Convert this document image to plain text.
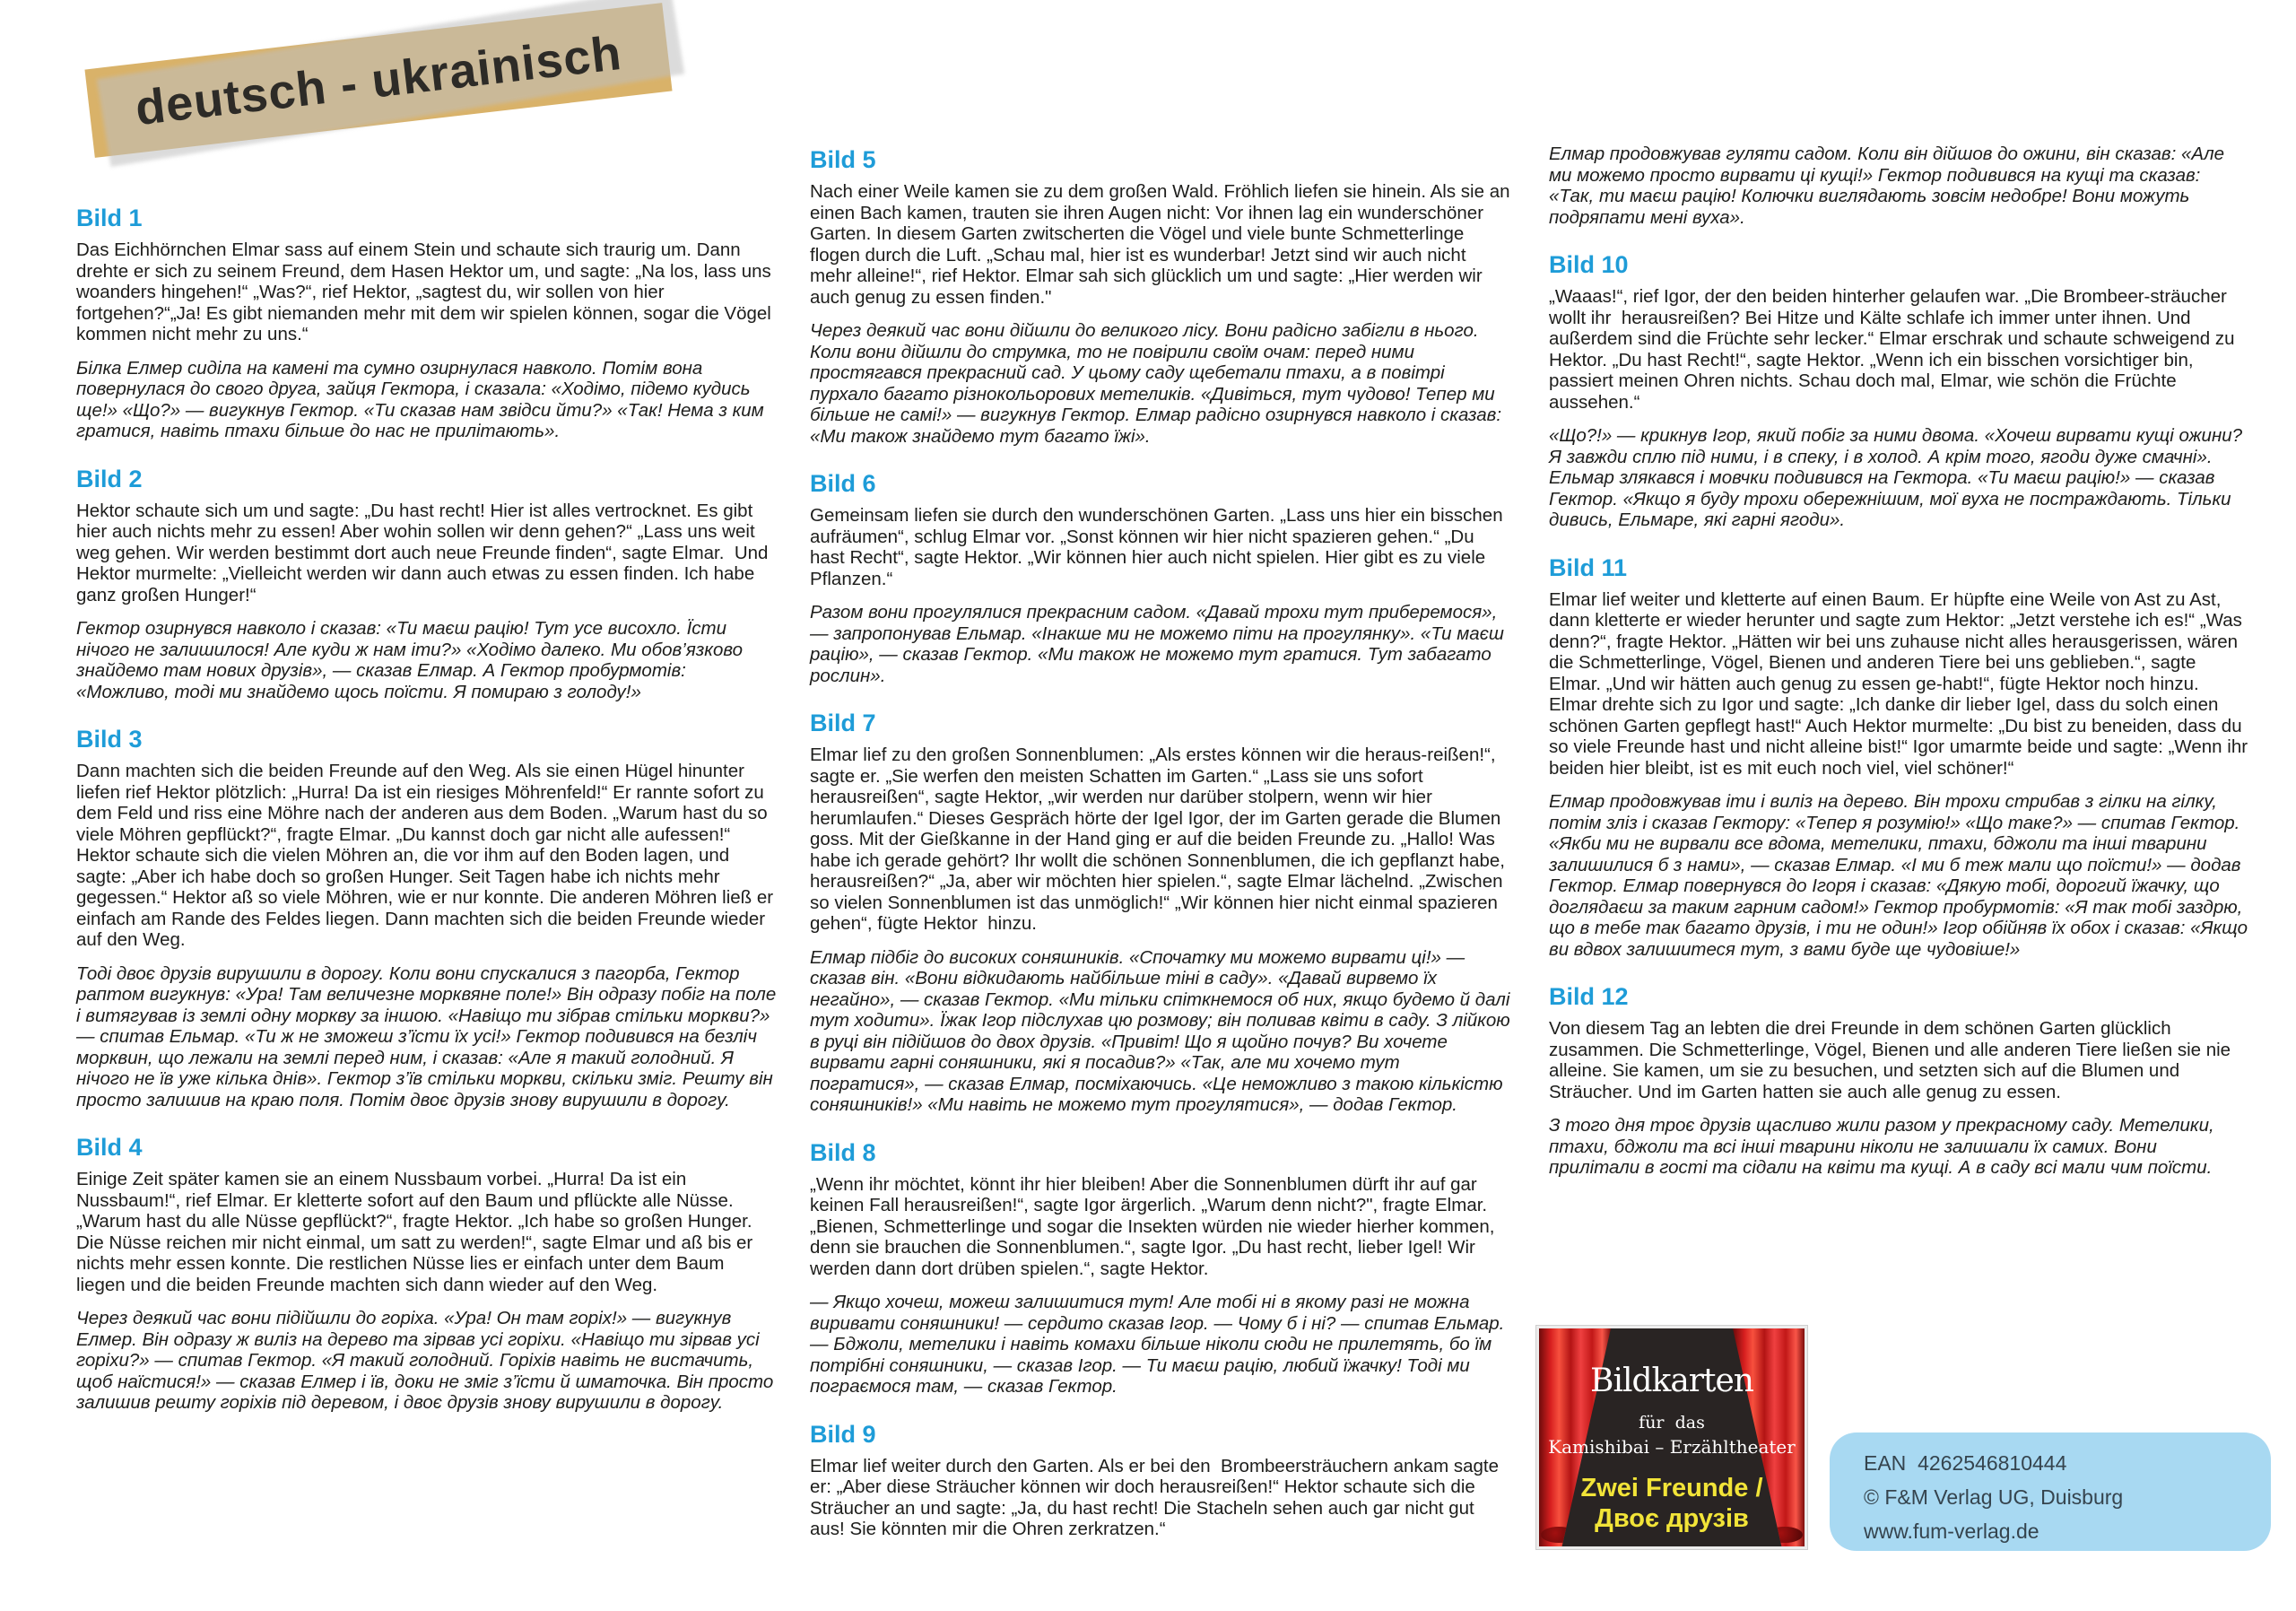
deutsch - ukrainisch
Bild 1

Das Eichhörnchen Elmar sass auf einem Stein und schaute sich traurig um. Dann drehte er sich zu seinem Freund, dem Hasen Hektor um, und sagte: „Na los, lass uns woanders hingehen!“ „Was?“, rief Hektor, „sagtest du, wir sollen von hier fortgehen?“„Ja! Es gibt niemanden mehr mit dem wir spielen können, sogar die Vögel kommen nicht mehr zu uns.“

Білка Елмер сиділа на камені та сумно озирнулася навколо. Потім вона повернулася до свого друга, зайця Гектора, і сказала: «Ходімо, підемо кудись ще!» «Що?» — вигукнув Гектор. «Ти сказав нам звідси йти?» «Так! Нема з ким гратися, навіть птахи більше до нас не прилітають».

Bild 2

Hektor schaute sich um und sagte: „Du hast recht! Hier ist alles vertrocknet. Es gibt hier auch nichts mehr zu essen! Aber wohin sollen wir denn gehen?“ „Lass uns weit weg gehen. Wir werden bestimmt dort auch neue Freunde finden“, sagte Elmar.  Und Hektor murmelte: „Vielleicht werden wir dann auch etwas zu essen finden. Ich habe ganz großen Hunger!“

Гектор озирнувся навколо і сказав: «Ти маєш рацію! Тут усе висохло. Їсти нічого не залишилося! Але куди ж нам іти?» «Ходімо далеко. Ми обов’язково знайдемо там нових друзів», — сказав Елмар. А Гектор пробурмотів: «Можливо, тоді ми знайдемо щось поїсти. Я помираю з голоду!»

Bild 3

Dann machten sich die beiden Freunde auf den Weg. Als sie einen Hügel hinunter liefen rief Hektor plötzlich: „Hurra! Da ist ein riesiges Möhrenfeld!“ Er rannte sofort zu dem Feld und riss eine Möhre nach der anderen aus dem Boden. „Warum hast du so viele Möhren gepflückt?“, fragte Elmar. „Du kannst doch gar nicht alle aufessen!“ Hektor schaute sich die vielen Möhren an, die vor ihm auf den Boden lagen, und sagte: „Aber ich habe doch so großen Hunger. Seit Tagen habe ich nichts mehr gegessen.“ Hektor aß so viele Möhren, wie er nur konnte. Die anderen Möhren ließ er einfach am Rande des Feldes liegen. Dann machten sich die beiden Freunde wieder auf den Weg.

Тоді двоє друзів вирушили в дорогу. Коли вони спускалися з пагорба, Гектор раптом вигукнув: «Ура! Там величезне морквяне поле!» Він одразу побіг на поле і витягував із землі одну моркву за іншою. «Навіщо ти зібрав стільки моркви?» — спитав Ельмар. «Ти ж не зможеш з’їсти їх усі!» Гектор подивився на безліч морквин, що лежали на землі перед ним, і сказав: «Але я такий голодний. Я нічого не їв уже кілька днів». Гектор з’їв стільки моркви, скільки зміг. Решту він просто залишив на краю поля. Потім двоє друзів знову вирушили в дорогу.

Bild 4

Einige Zeit später kamen sie an einem Nussbaum vorbei. „Hurra! Da ist ein Nussbaum!“, rief Elmar. Er kletterte sofort auf den Baum und pflückte alle Nüsse. „Warum hast du alle Nüsse gepflückt?“, fragte Hektor. „Ich habe so großen Hunger. Die Nüsse reichen mir nicht einmal, um satt zu werden!“, sagte Elmar und aß bis er nichts mehr essen konnte. Die restlichen Nüsse lies er einfach unter dem Baum liegen und die beiden Freunde machten sich dann wieder auf den Weg.

Через деякий час вони підійшли до горіха. «Ура! Он там горіх!» — вигукнув Елмер. Він одразу ж виліз на дерево та зірвав усі горіхи. «Навіщо ти зірвав усі горіхи?» — спитав Гектор. «Я такий голодний. Горіхів навіть не вистачить, щоб наїстися!» — сказав Елмер і їв, доки не зміг з’їсти й шматочка. Він просто залишив решту горіхів під деревом, і двоє друзів знову вирушили в дорогу.

Bild 5

Nach einer Weile kamen sie zu dem großen Wald. Fröhlich liefen sie hinein. Als sie an einen Bach kamen, trauten sie ihren Augen nicht: Vor ihnen lag ein wunderschöner Garten. In diesem Garten zwitscherten die Vögel und viele bunte Schmetterlinge flogen durch die Luft. „Schau mal, hier ist es wunderbar! Jetzt sind wir auch nicht mehr alleine!“, rief Hektor. Elmar sah sich glücklich um und sagte: „Hier werden wir auch genug zu essen finden."

Через деякий час вони дійшли до великого лісу. Вони радісно забігли в нього. Коли вони дійшли до струмка, то не повірили своїм очам: перед ними простягався прекрасний сад. У цьому саду щебетали птахи, а в повітрі пурхало багато різнокольорових метеликів. «Дивіться, тут чудово! Тепер ми більше не самі!» — вигукнув Гектор. Елмар радісно озирнувся навколо і сказав: «Ми також знайдемо тут багато їжі».

Bild 6

Gemeinsam liefen sie durch den wunderschönen Garten. „Lass uns hier ein bisschen aufräumen“, schlug Elmar vor. „Sonst können wir hier nicht spazieren gehen.“ „Du hast Recht“, sagte Hektor. „Wir können hier auch nicht spielen. Hier gibt es zu viele Pflanzen.“

Разом вони прогулялися прекрасним садом. «Давай трохи тут приберемося», — запропонував Ельмар. «Інакше ми не можемо піти на прогулянку». «Ти маєш рацію», — сказав Гектор. «Ми також не можемо тут гратися. Тут забагато рослин».

Bild 7

Elmar lief zu den großen Sonnenblumen: „Als erstes können wir die heraus-reißen!“, sagte er. „Sie werfen den meisten Schatten im Garten.“ „Lass sie uns sofort herausreißen“, sagte Hektor, „wir werden nur darüber stolpern, wenn wir hier herumlaufen.“ Dieses Gespräch hörte der Igel Igor, der im Garten gerade die Blumen goss. Mit der Gießkanne in der Hand ging er auf die beiden Freunde zu. „Hallo! Was habe ich gerade gehört? Ihr wollt die schönen Sonnenblumen, die ich gepflanzt habe, herausreißen?“ „Ja, aber wir möchten hier spielen.“, sagte Elmar lächelnd. „Zwischen so vielen Sonnenblumen ist das unmöglich!“ „Wir können hier nicht einmal spazieren gehen“, fügte Hektor  hinzu.

Елмар підбіг до високих соняшників. «Спочатку ми можемо вирвати ці!» — сказав він. «Вони відкидають найбільше тіні в саду». «Давай вирвемо їх негайно», — сказав Гектор. «Ми тільки спіткнемося об них, якщо будемо й далі тут ходити». Їжак Ігор підслухав цю розмову; він поливав квіти в саду. З лійкою в руці він підійшов до двох друзів. «Привіт! Що я щойно почув? Ви хочете вирвати гарні соняшники, які я посадив?» «Так, але ми хочемо тут погратися», — сказав Елмар, посміхаючись. «Це неможливо з такою кількістю соняшників!» «Ми навіть не можемо тут прогулятися», — додав Гектор.

Bild 8

„Wenn ihr möchtet, könnt ihr hier bleiben! Aber die Sonnenblumen dürft ihr auf gar keinen Fall herausreißen!“, sagte Igor ärgerlich. „Warum denn nicht?", fragte Elmar. „Bienen, Schmetterlinge und sogar die Insekten würden nie wieder hierher kommen, denn sie brauchen die Sonnenblumen.“, sagte Igor. „Du hast recht, lieber Igel! Wir werden dann dort drüben spielen.“, sagte Hektor.

— Якщо хочеш, можеш залишитися тут! Але тобі ні в якому разі не можна виривати соняшники! — сердито сказав Ігор. — Чому б і ні? — спитав Ельмар. — Бджоли, метелики і навіть комахи більше ніколи сюди не прилетять, бо їм потрібні соняшники, — сказав Ігор. — Ти маєш рацію, любий їжачку! Тоді ми пограємося там, — сказав Гектор.

Bild 9

Elmar lief weiter durch den Garten. Als er bei den  Brombeersträuchern ankam sagte er: „Aber diese Sträucher können wir doch herausreißen!“ Hektor schaute sich die Sträucher an und sagte: „Ja, du hast recht! Die Stacheln sehen auch gar nicht gut aus! Sie könnten mir die Ohren zerkratzen.“

Елмар продовжував гуляти садом. Коли він дійшов до ожини, він сказав: «Але ми можемо просто вирвати ці кущі!» Гектор подивився на кущі та сказав: «Так, ти маєш рацію! Колючки виглядають зовсім недобре! Вони можуть подряпати мені вуха».

Bild 10

„Waaas!“, rief Igor, der den beiden hinterher gelaufen war. „Die Brombeer-sträucher wollt ihr  herausreißen? Bei Hitze und Kälte schlafe ich immer unter ihnen. Und außerdem sind die Früchte sehr lecker.“ Elmar erschrak und schaute schweigend zu Hektor. „Du hast Recht!“, sagte Hektor. „Wenn ich ein bisschen vorsichtiger bin, passiert meinen Ohren nichts. Schau doch mal, Elmar, wie schön die Früchte aussehen.“

«Що?!» — крикнув Ігор, який побіг за ними двома. «Хочеш вирвати кущі ожини? Я завжди сплю під ними, і в спеку, і в холод. А крім того, ягоди дуже смачні». Ельмар злякався і мовчки подивився на Гектора. «Ти маєш рацію!» — сказав Гектор. «Якщо я буду трохи обережнішим, мої вуха не постраждають. Тільки дивись, Ельмаре, які гарні ягоди».

Bild 11

Elmar lief weiter und kletterte auf einen Baum. Er hüpfte eine Weile von Ast zu Ast, dann kletterte er wieder herunter und sagte zum Hektor: „Jetzt verstehe ich es!“ „Was denn?“, fragte Hektor. „Hätten wir bei uns zuhause nicht alles herausgerissen, wären die Schmetterlinge, Vögel, Bienen und anderen Tiere bei uns geblieben.“, sagte Elmar. „Und wir hätten auch genug zu essen ge-habt!“, fügte Hektor noch hinzu. Elmar drehte sich zu Igor und sagte: „Ich danke dir lieber Igel, dass du solch einen schönen Garten gepflegt hast!“ Auch Hektor murmelte: „Du bist zu beneiden, dass du so viele Freunde hast und nicht alleine bist!“ Igor umarmte beide und sagte: „Wenn ihr beiden hier bleibt, ist es mit euch noch viel, viel schöner!“

Елмар продовжував іти і виліз на дерево. Він трохи стрибав з гілки на гілку, потім зліз і сказав Гектору: «Тепер я розумію!» «Що таке?» — спитав Гектор. «Якби ми не вирвали все вдома, метелики, птахи, бджоли та інші тварини залишилися б з нами», — сказав Елмар. «І ми б теж мали що поїсти!» — додав Гектор. Елмар повернувся до Ігоря і сказав: «Дякую тобі, дорогий їжачку, що доглядаєш за таким гарним садом!» Гектор пробурмотів: «Я так тобі заздрю, що в тебе так багато друзів, і ти не один!» Ігор обійняв їх обох і сказав: «Якщо ви вдвох залишитеся тут, з вами буде ще чудовіше!»

Bild 12

Von diesem Tag an lebten die drei Freunde in dem schönen Garten glücklich zusammen. Die Schmetterlinge, Vögel, Bienen und alle anderen Tiere ließen sie nie alleine. Sie kamen, um sie zu besuchen, und setzten sich auf die Blumen und Sträucher. Und im Garten hatten sie auch alle genug zu essen.

З того дня троє друзів щасливо жили разом у прекрасному саду. Метелики, птахи, бджоли та всі інші тварини ніколи не залишали їх самих. Вони прилітали в гості та сідали на квіти та кущі. А в саду всі мали чим поїсти.

Bildkarten
für  das
Kamishibai – Erzähltheater
Zwei Freunde /
Двоє друзів

EAN  4262546810444

© F&M Verlag UG, Duisburg

www.fum-verlag.de
